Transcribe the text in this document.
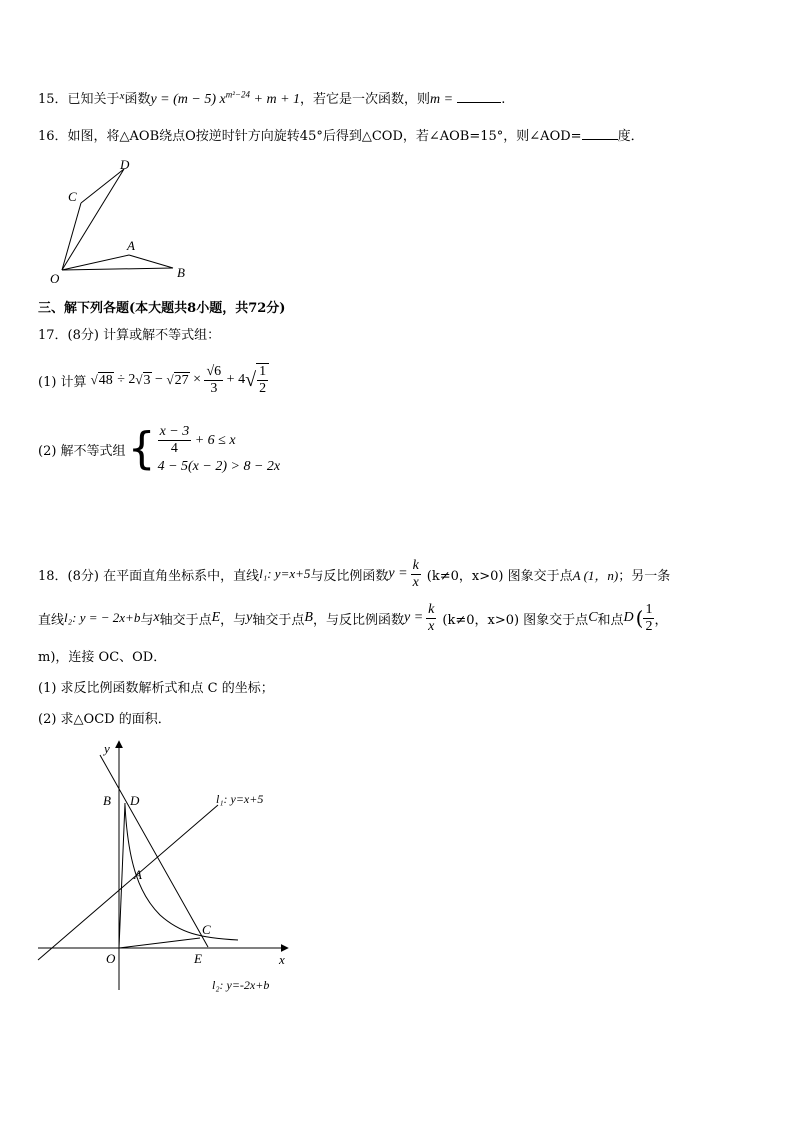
15．已知关于$^x$函数y = (m − 5) $x^{m^2-24} + m + 1$，若它是一次函数，则m =	.
16．如图，将△AOB绕点O按逆时针方向旋转45°后得到△COD，若∠AOB=15°，则∠AOD=	度．
D
C
A
O	B
三、解下列各题(本大题共8小题，共72分)
17．(8分) 计算或解不等式组：
(1) 计算 √ 48 ÷ 2 √ 3 − √ $27 \times \frac{√6}{3} + 4$ √ $\frac{1}{2}$
(2) 解不等式组 { $\frac{x - 3}{4} + 6 \le x$
4 − 5(x − 2) > 8 − 2x
18．(8分) 在平面直角坐标系中，直线 l₁: y=x+5 与反比例函数 $y = \frac{k}{x} (k\ne 0$，x>0) 图象交于点 A (1，n) ；另一条
直线 l₂: y = − 2x+b 与 x 轴交于点 E ，与 y 轴交于点 B ，与反比例函数 $y = \frac{k}{x} (k\ne 0$，x>0) 图象交于点 C 和点 D ( $\frac{1}{2}$ ，
m)，连接 OC、OD．
(1) 求反比例函数解析式和点 C 的坐标；
(2) 求△OCD 的面积．
y
x
B D
A
C
O	E
l₁: y=x+5
l₂: y=-2x+b
